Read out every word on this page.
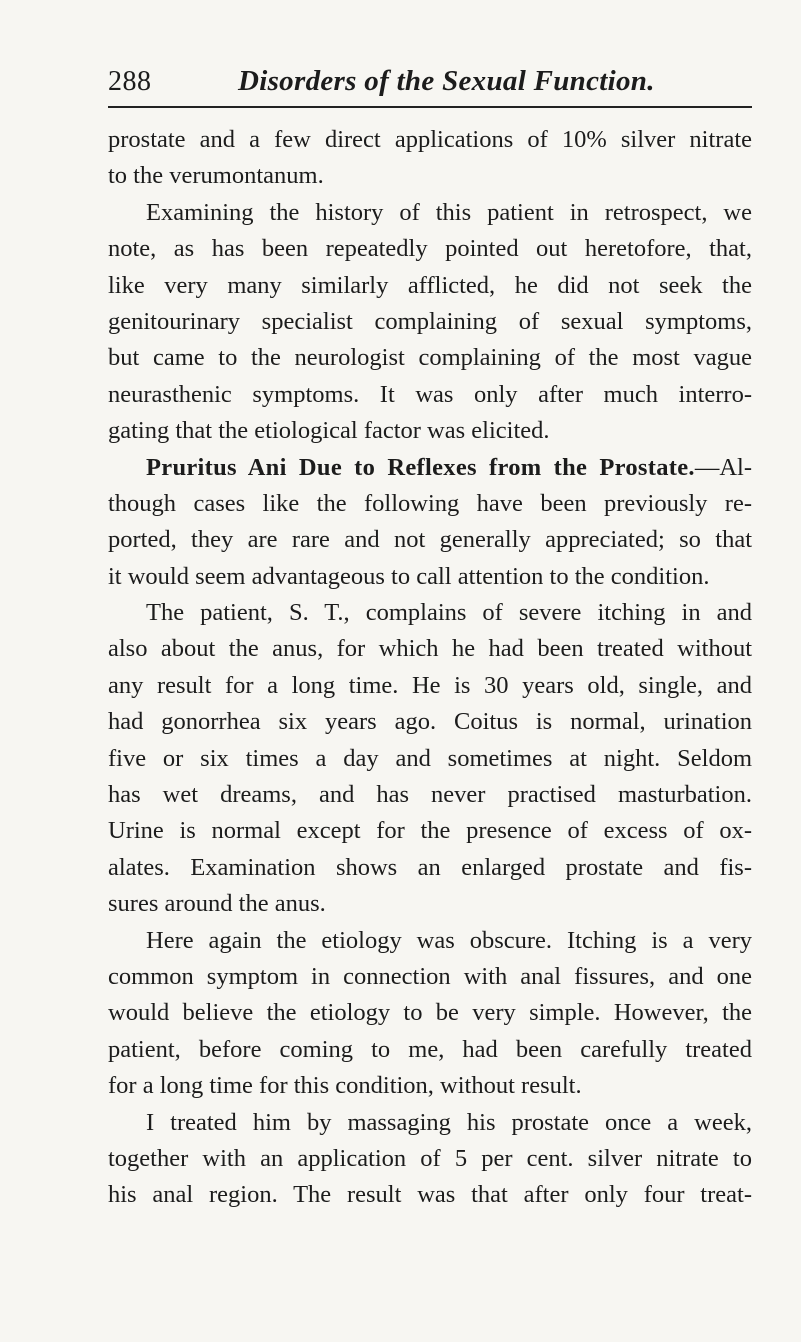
288	Disorders of the Sexual Function.
prostate and a few direct applications of 10% silver nitrate
to the verumontanum.
Examining the history of this patient in retrospect, we
note, as has been repeatedly pointed out heretofore, that,
like very many similarly afflicted, he did not seek the
genitourinary specialist complaining of sexual symptoms,
but came to the neurologist complaining of the most vague
neurasthenic symptoms. It was only after much interro-
gating that the etiological factor was elicited.
Pruritus Ani Due to Reflexes from the Prostate.—Al-
though cases like the following have been previously re-
ported, they are rare and not generally appreciated; so that
it would seem advantageous to call attention to the condition.
The patient, S. T., complains of severe itching in and
also about the anus, for which he had been treated without
any result for a long time. He is 30 years old, single, and
had gonorrhea six years ago. Coitus is normal, urination
five or six times a day and sometimes at night. Seldom
has wet dreams, and has never practised masturbation.
Urine is normal except for the presence of excess of ox-
alates. Examination shows an enlarged prostate and fis-
sures around the anus.
Here again the etiology was obscure. Itching is a very
common symptom in connection with anal fissures, and one
would believe the etiology to be very simple. However, the
patient, before coming to me, had been carefully treated
for a long time for this condition, without result.
I treated him by massaging his prostate once a week,
together with an application of 5 per cent. silver nitrate to
his anal region. The result was that after only four treat-
